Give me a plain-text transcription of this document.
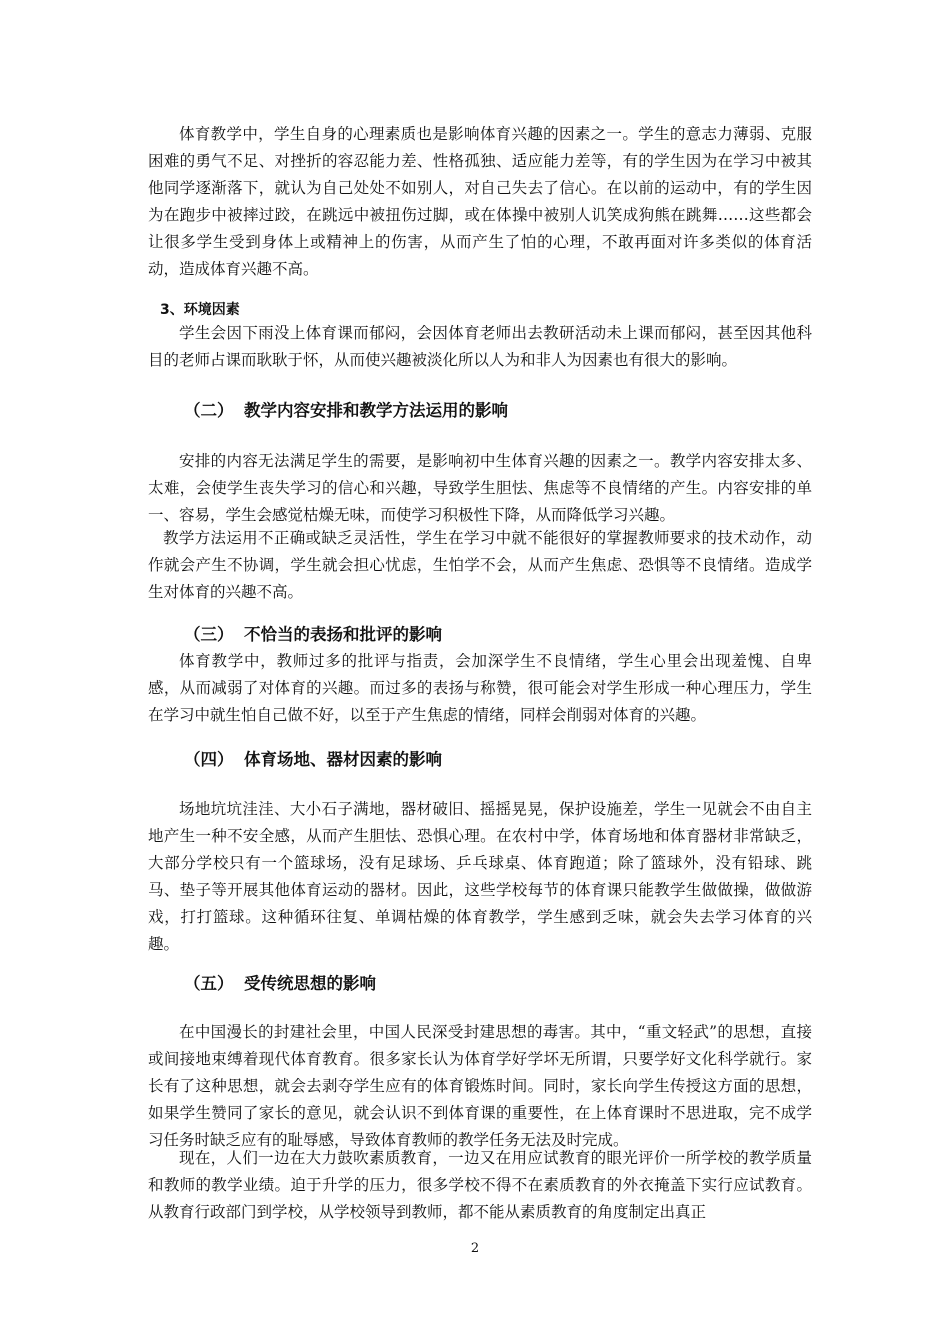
体育教学中，学生自身的心理素质也是影响体育兴趣的因素之一。学生的意志力薄弱、克服困难的勇气不足、对挫折的容忍能力差、性格孤独、适应能力差等，有的学生因为在学习中被其他同学逐渐落下，就认为自己处处不如别人，对自己失去了信心。在以前的运动中，有的学生因为在跑步中被摔过跤，在跳远中被扭伤过脚，或在体操中被别人讥笑成狗熊在跳舞……这些都会让很多学生受到身体上或精神上的伤害，从而产生了怕的心理，不敢再面对许多类似的体育活动，造成体育兴趣不高。

3、环境因素

学生会因下雨没上体育课而郁闷，会因体育老师出去教研活动未上课而郁闷，甚至因其他科目的老师占课而耿耿于怀，从而使兴趣被淡化所以人为和非人为因素也有很大的影响。

（二） 教学内容安排和教学方法运用的影响

安排的内容无法满足学生的需要，是影响初中生体育兴趣的因素之一。教学内容安排太多、太难，会使学生丧失学习的信心和兴趣，导致学生胆怯、焦虑等不良情绪的产生。内容安排的单一、容易，学生会感觉枯燥无味，而使学习积极性下降，从而降低学习兴趣。

教学方法运用不正确或缺乏灵活性，学生在学习中就不能很好的掌握教师要求的技术动作，动作就会产生不协调，学生就会担心忧虑，生怕学不会，从而产生焦虑、恐惧等不良情绪。造成学生对体育的兴趣不高。

（三） 不恰当的表扬和批评的影响

体育教学中，教师过多的批评与指责，会加深学生不良情绪，学生心里会出现羞愧、自卑感，从而减弱了对体育的兴趣。而过多的表扬与称赞，很可能会对学生形成一种心理压力，学生在学习中就生怕自己做不好，以至于产生焦虑的情绪，同样会削弱对体育的兴趣。

（四） 体育场地、器材因素的影响

场地坑坑洼洼、大小石子满地，器材破旧、摇摇晃晃，保护设施差，学生一见就会不由自主地产生一种不安全感，从而产生胆怯、恐惧心理。在农村中学，体育场地和体育器材非常缺乏，大部分学校只有一个篮球场，没有足球场、乒乓球桌、体育跑道；除了篮球外，没有铅球、跳马、垫子等开展其他体育运动的器材。因此，这些学校每节的体育课只能教学生做做操，做做游戏，打打篮球。这种循环往复、单调枯燥的体育教学，学生感到乏味，就会失去学习体育的兴趣。

（五） 受传统思想的影响

在中国漫长的封建社会里，中国人民深受封建思想的毒害。其中，“重文轻武”的思想，直接或间接地束缚着现代体育教育。很多家长认为体育学好学坏无所谓，只要学好文化科学就行。家长有了这种思想，就会去剥夺学生应有的体育锻炼时间。同时，家长向学生传授这方面的思想，如果学生赞同了家长的意见，就会认识不到体育课的重要性，在上体育课时不思进取，完不成学习任务时缺乏应有的耻辱感，导致体育教师的教学任务无法及时完成。

现在，人们一边在大力鼓吹素质教育，一边又在用应试教育的眼光评价一所学校的教学质量和教师的教学业绩。迫于升学的压力，很多学校不得不在素质教育的外衣掩盖下实行应试教育。从教育行政部门到学校，从学校领导到教师，都不能从素质教育的角度制定出真正

2
